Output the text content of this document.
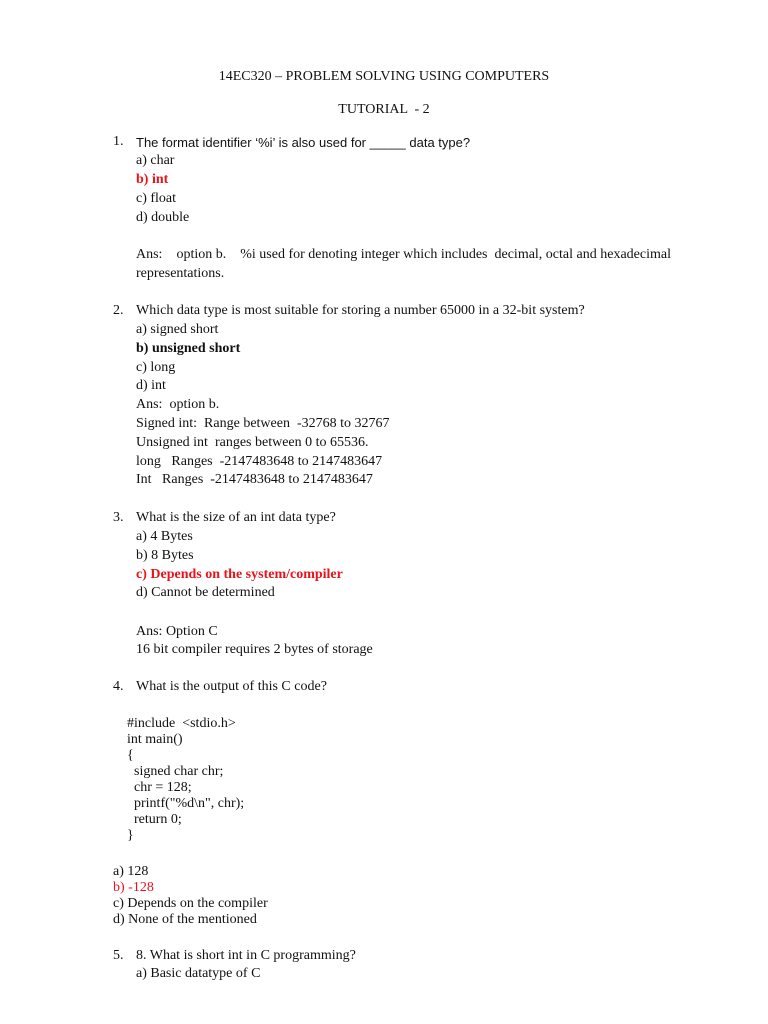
14EC320 – PROBLEM SOLVING USING COMPUTERS
TUTORIAL  - 2
1. The format identifier ‘%i’ is also used for _____ data type?
a) char
b) int
c) float
d) double
Ans:    option b.    %i used for denoting integer which includes  decimal, octal and hexadecimal
representations.
2. Which data type is most suitable for storing a number 65000 in a 32-bit system?
a) signed short
b) unsigned short
c) long
d) int
Ans:  option b.
Signed int:  Range between  -32768 to 32767
Unsigned int  ranges between 0 to 65536.
long   Ranges  -2147483648 to 2147483647
Int   Ranges  -2147483648 to 2147483647
3. What is the size of an int data type?
a) 4 Bytes
b) 8 Bytes
c) Depends on the system/compiler
d) Cannot be determined
Ans: Option C
16 bit compiler requires 2 bytes of storage
4. What is the output of this C code?
#include  <stdio.h>
int main()
{
signed char chr;
chr = 128;
printf("%d\n", chr);
return 0;
}
a) 128
b) -128
c) Depends on the compiler
d) None of the mentioned
5. 8. What is short int in C programming?
a) Basic datatype of C
